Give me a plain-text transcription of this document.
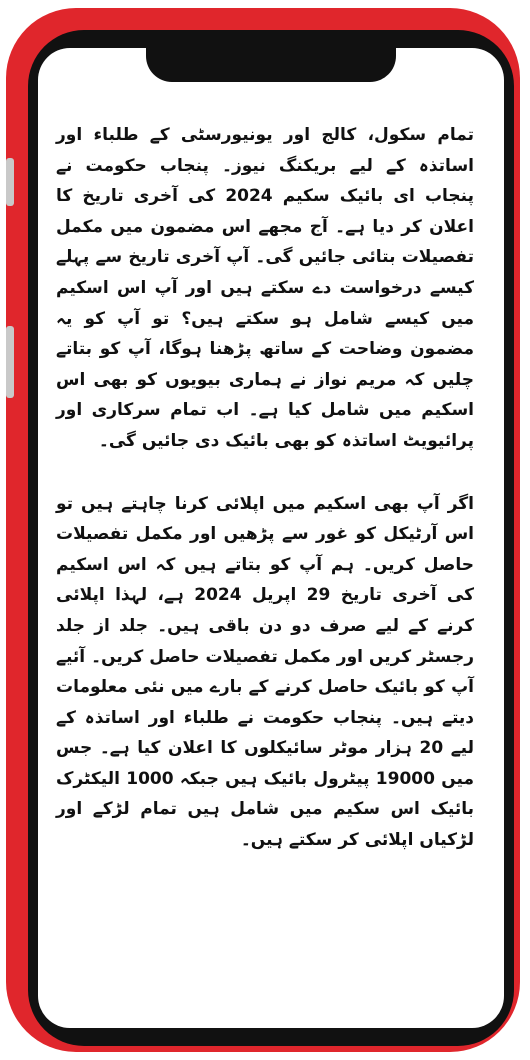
تمام سکول، کالج اور یونیورسٹی کے طلباء اور اساتذہ کے لیے بریکنگ نیوز۔ پنجاب حکومت نے پنجاب ای بائیک سکیم 2024 کی آخری تاریخ کا اعلان کر دیا ہے۔ آج مجھے اس مضمون میں مکمل تفصیلات بتائی جائیں گی۔ آپ آخری تاریخ سے پہلے کیسے درخواست دے سکتے ہیں اور آپ اس اسکیم میں کیسے شامل ہو سکتے ہیں؟ تو آپ کو یہ مضمون وضاحت کے ساتھ پڑھنا ہوگا، آپ کو بتاتے چلیں کہ مریم نواز نے ہماری بیویوں کو بھی اس اسکیم میں شامل کیا ہے۔ اب تمام سرکاری اور پرائیویٹ اساتذہ کو بھی بائیک دی جائیں گی۔

اگر آپ بھی اسکیم میں اپلائی کرنا چاہتے ہیں تو اس آرٹیکل کو غور سے پڑھیں اور مکمل تفصیلات حاصل کریں۔ ہم آپ کو بتاتے ہیں کہ اس اسکیم کی آخری تاریخ 29 اپریل 2024 ہے، لہذا اپلائی کرنے کے لیے صرف دو دن باقی ہیں۔ جلد از جلد رجسٹر کریں اور مکمل تفصیلات حاصل کریں۔ آئیے آپ کو بائیک حاصل کرنے کے بارے میں نئی معلومات دیتے ہیں۔ پنجاب حکومت نے طلباء اور اساتذہ کے لیے 20 ہزار موٹر سائیکلوں کا اعلان کیا ہے۔ جس میں 19000 پیٹرول بائیک ہیں جبکہ 1000 الیکٹرک بائیک اس سکیم میں شامل ہیں تمام لڑکے اور لڑکیاں اپلائی کر سکتے ہیں۔
